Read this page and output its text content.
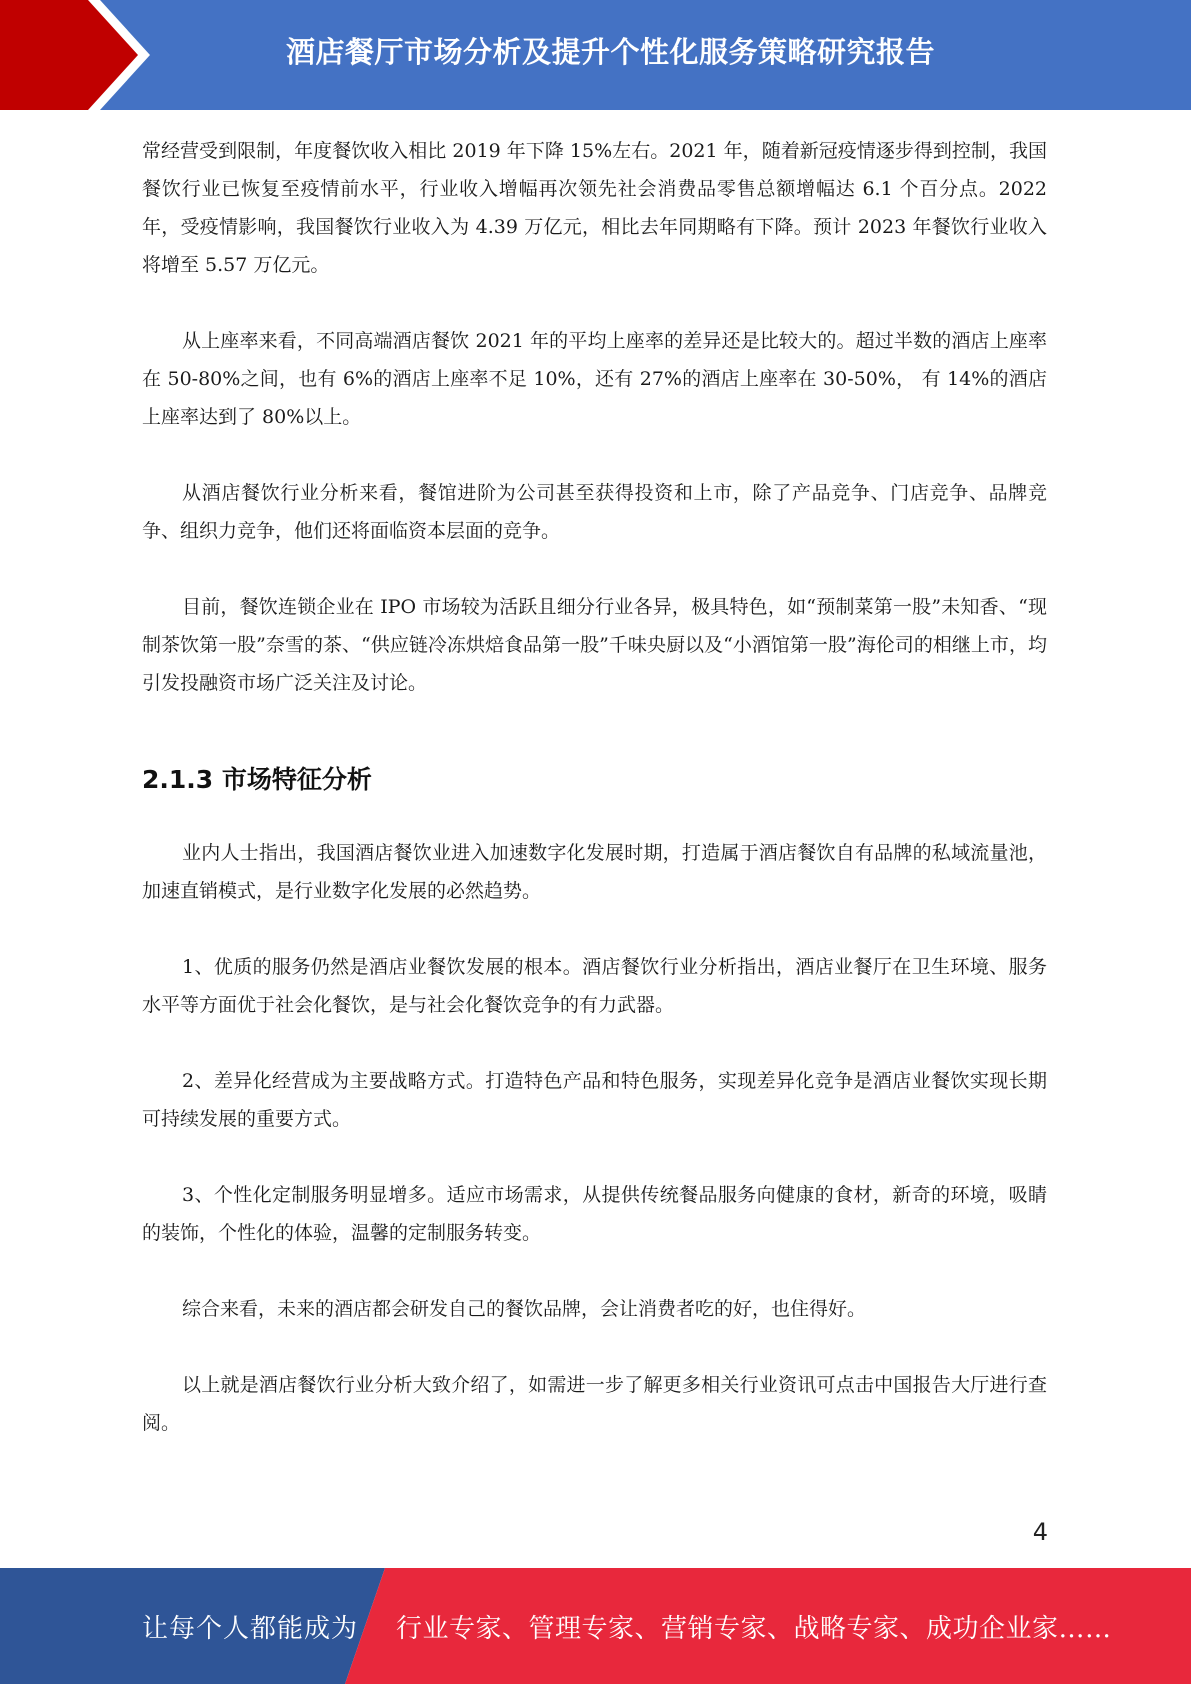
酒店餐厅市场分析及提升个性化服务策略研究报告

常经营受到限制，年度餐饮收入相比 2019 年下降 15%左右。2021 年，随着新冠疫情逐步得到控制，我国餐饮行业已恢复至疫情前水平，行业收入增幅再次领先社会消费品零售总额增幅达 6.1 个百分点。2022 年，受疫情影响，我国餐饮行业收入为 4.39 万亿元，相比去年同期略有下降。预计 2023 年餐饮行业收入将增至 5.57 万亿元。

从上座率来看，不同高端酒店餐饮 2021 年的平均上座率的差异还是比较大的。超过半数的酒店上座率在 50-80%之间，也有 6%的酒店上座率不足 10%，还有 27%的酒店上座率在 30-50%， 有 14%的酒店上座率达到了 80%以上。

从酒店餐饮行业分析来看，餐馆进阶为公司甚至获得投资和上市，除了产品竞争、门店竞争、品牌竞争、组织力竞争，他们还将面临资本层面的竞争。

目前，餐饮连锁企业在 IPO 市场较为活跃且细分行业各异，极具特色，如“预制菜第一股”未知香、“现制茶饮第一股”奈雪的茶、“供应链冷冻烘焙食品第一股”千味央厨以及“小酒馆第一股”海伦司的相继上市，均引发投融资市场广泛关注及讨论。

2.1.3 市场特征分析

业内人士指出，我国酒店餐饮业进入加速数字化发展时期，打造属于酒店餐饮自有品牌的私域流量池，加速直销模式，是行业数字化发展的必然趋势。

1、优质的服务仍然是酒店业餐饮发展的根本。酒店餐饮行业分析指出，酒店业餐厅在卫生环境、服务水平等方面优于社会化餐饮，是与社会化餐饮竞争的有力武器。

2、差异化经营成为主要战略方式。打造特色产品和特色服务，实现差异化竞争是酒店业餐饮实现长期可持续发展的重要方式。

3、个性化定制服务明显增多。适应市场需求，从提供传统餐品服务向健康的食材，新奇的环境，吸睛的装饰，个性化的体验，温馨的定制服务转变。

综合来看，未来的酒店都会研发自己的餐饮品牌，会让消费者吃的好，也住得好。

以上就是酒店餐饮行业分析大致介绍了，如需进一步了解更多相关行业资讯可点击中国报告大厅进行查阅。

4
让每个人都能成为 行业专家、管理专家、营销专家、战略专家、成功企业家……
